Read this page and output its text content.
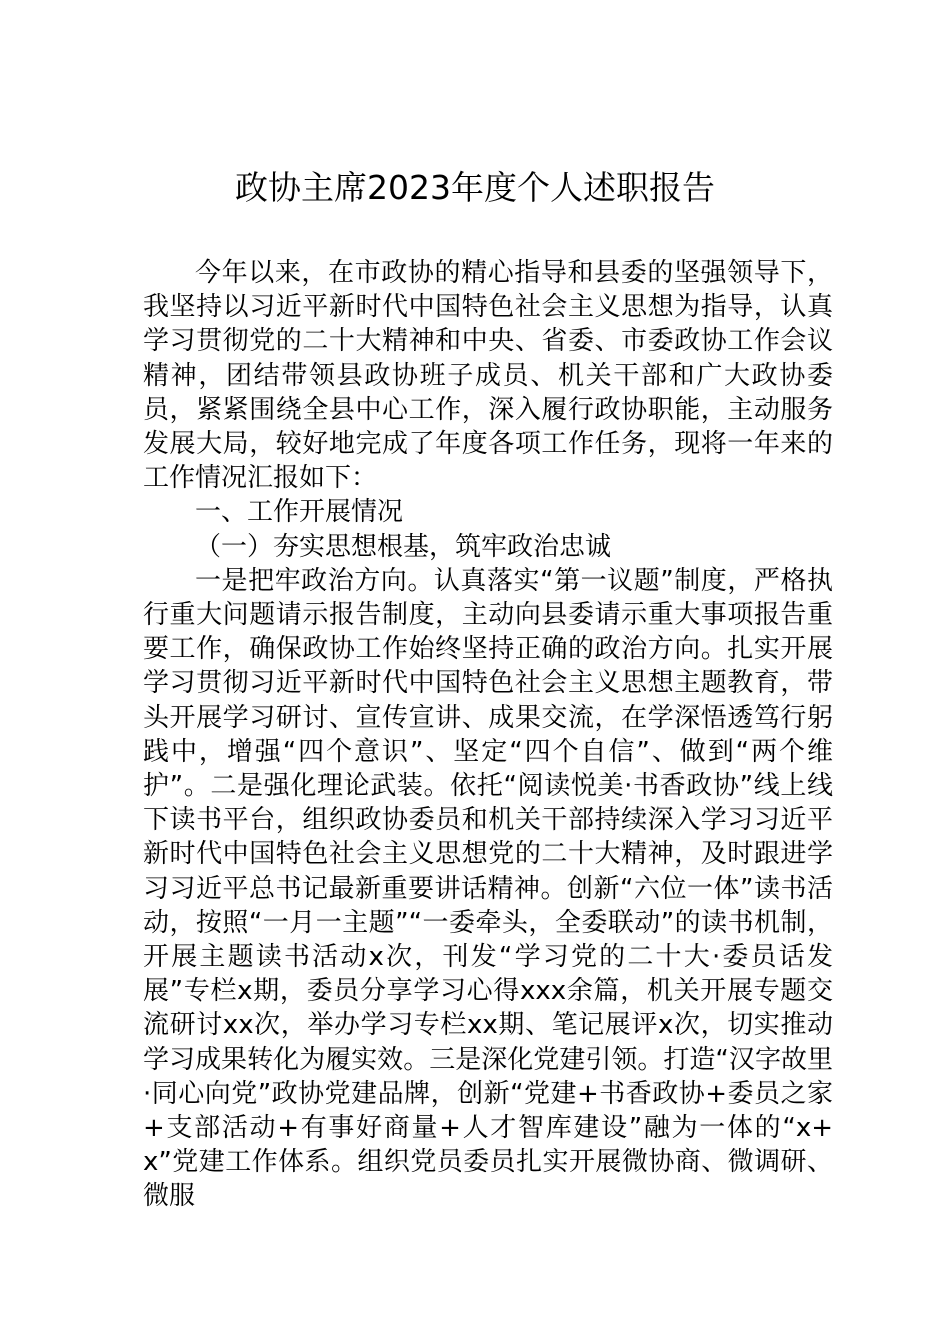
政协主席2023年度个人述职报告

今年以来，在市政协的精心指导和县委的坚强领导下，我坚持以习近平新时代中国特色社会主义思想为指导，认真学习贯彻党的二十大精神和中央、省委、市委政协工作会议精神，团结带领县政协班子成员、机关干部和广大政协委员，紧紧围绕全县中心工作，深入履行政协职能，主动服务发展大局，较好地完成了年度各项工作任务，现将一年来的工作情况汇报如下：

一、工作开展情况

（一）夯实思想根基，筑牢政治忠诚

一是把牢政治方向。认真落实“第一议题”制度，严格执行重大问题请示报告制度，主动向县委请示重大事项报告重要工作，确保政协工作始终坚持正确的政治方向。扎实开展学习贯彻习近平新时代中国特色社会主义思想主题教育，带头开展学习研讨、宣传宣讲、成果交流，在学深悟透笃行躬践中，增强“四个意识”、坚定“四个自信”、做到“两个维护”。二是强化理论武装。依托“阅读悦美·书香政协”线上线下读书平台，组织政协委员和机关干部持续深入学习习近平新时代中国特色社会主义思想党的二十大精神，及时跟进学习习近平总书记最新重要讲话精神。创新“六位一体”读书活动，按照“一月一主题”“一委牵头，全委联动”的读书机制，开展主题读书活动x次，刊发“学习党的二十大·委员话发展”专栏x期，委员分享学习心得xxx余篇，机关开展专题交流研讨xx次，举办学习专栏xx期、笔记展评x次，切实推动学习成果转化为履实效。三是深化党建引领。打造“汉字故里·同心向党”政协党建品牌，创新“党建+书香政协+委员之家+支部活动+有事好商量+人才智库建设”融为一体的“x+x”党建工作体系。组织党员委员扎实开展微协商、微调研、微服
